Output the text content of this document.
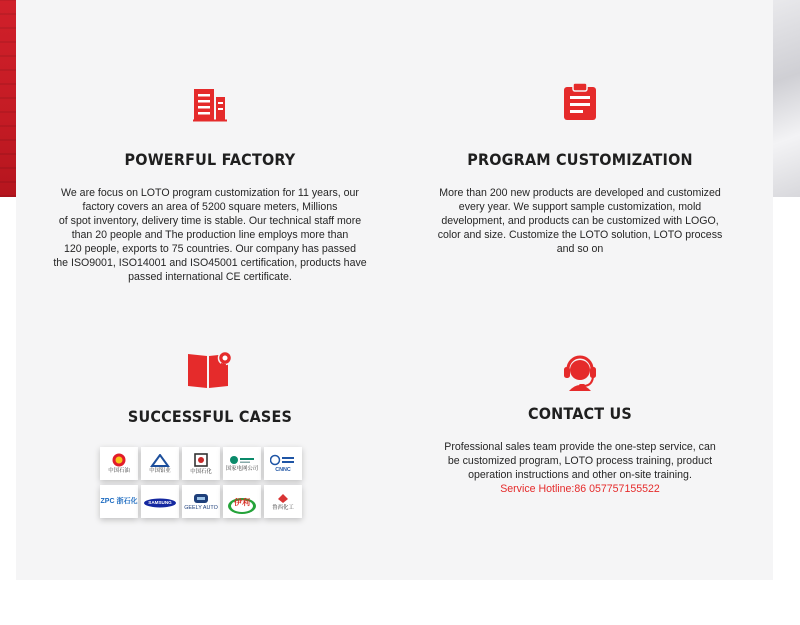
POWERFUL FACTORY
We are focus on LOTO program customization for 11 years, our
factory covers an area of 5200 square meters, Millions
of spot inventory, delivery time is stable. Our technical staff more
than 20 people and The production line employs more than
120 people, exports to 75 countries. Our company has passed
the ISO9001, ISO14001 and ISO45001 certification, products have
passed international CE certificate.
PROGRAM CUSTOMIZATION
More than 200 new products are developed and customized
every year. We support sample customization, mold
development, and products can be customized with LOGO,
color and size. Customize the LOTO solution, LOTO process
and so on
SUCCESSFUL CASES
中国石油	中国铝业	中国石化	国家电网公司	CNNC
ZPC 浙石化 SAMSUNG
GEELY AUTO
伊利
鲁西化工
CONTACT US
Professional sales team provide the one-step service, can
be customized program, LOTO process training, product
operation instructions and other on-site training.
Service Hotline:86 057757155522
